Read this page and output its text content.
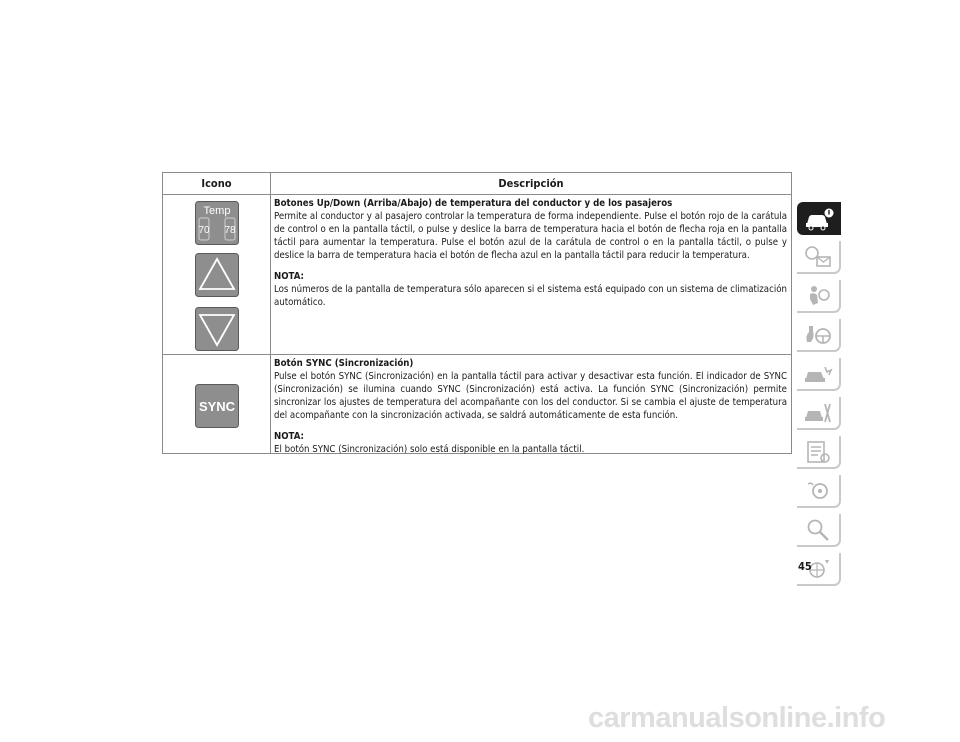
Icono	Descripción
Temp
70 78
Botones Up/Down (Arriba/Abajo) de temperatura del conductor y de los pasajeros
Permite al conductor y al pasajero controlar la temperatura de forma independiente. Pulse el botón rojo de la carátula de control o en la pantalla táctil, o pulse y deslice la barra de temperatura hacia el botón de flecha roja en la pantalla táctil para aumentar la temperatura. Pulse el botón azul de la carátula de control o en la pantalla táctil, o pulse y deslice la barra de temperatura hacia el botón de flecha azul en la pantalla táctil para reducir la temperatura.
NOTA:
Los números de la pantalla de temperatura sólo aparecen si el sistema está equipado con un sistema de climatización automático.
SYNC
Botón SYNC (Sincronización)
Pulse el botón SYNC (Sincronización) en la pantalla táctil para activar y desactivar esta función. El indicador de SYNC (Sincronización) se ilumina cuando SYNC (Sincronización) está activa. La función SYNC (Sincronización) permite sincronizar los ajustes de temperatura del acompañante con los del conductor. Si se cambia el ajuste de temperatura del acompañante con la sincronización activada, se saldrá automáticamente de esta función.
NOTA:
El botón SYNC (Sincronización) solo está disponible en la pantalla táctil.
45
carmanualsonline.info
